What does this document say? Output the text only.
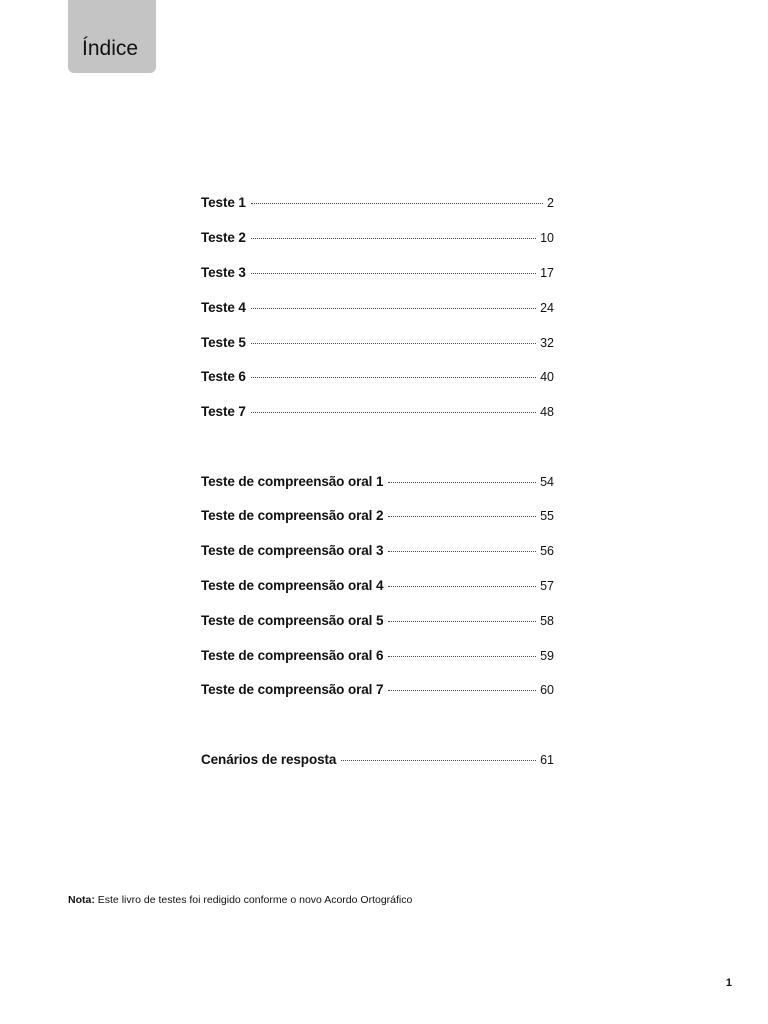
Índice
Teste 1	2
Teste 2	10
Teste 3	17
Teste 4	24
Teste 5	32
Teste 6	40
Teste 7	48
Teste de compreensão oral 1	54
Teste de compreensão oral 2	55
Teste de compreensão oral 3	56
Teste de compreensão oral 4	57
Teste de compreensão oral 5	58
Teste de compreensão oral 6	59
Teste de compreensão oral 7	60
Cenários de resposta	61
Nota: Este livro de testes foi redigido conforme o novo Acordo Ortográfico
1
